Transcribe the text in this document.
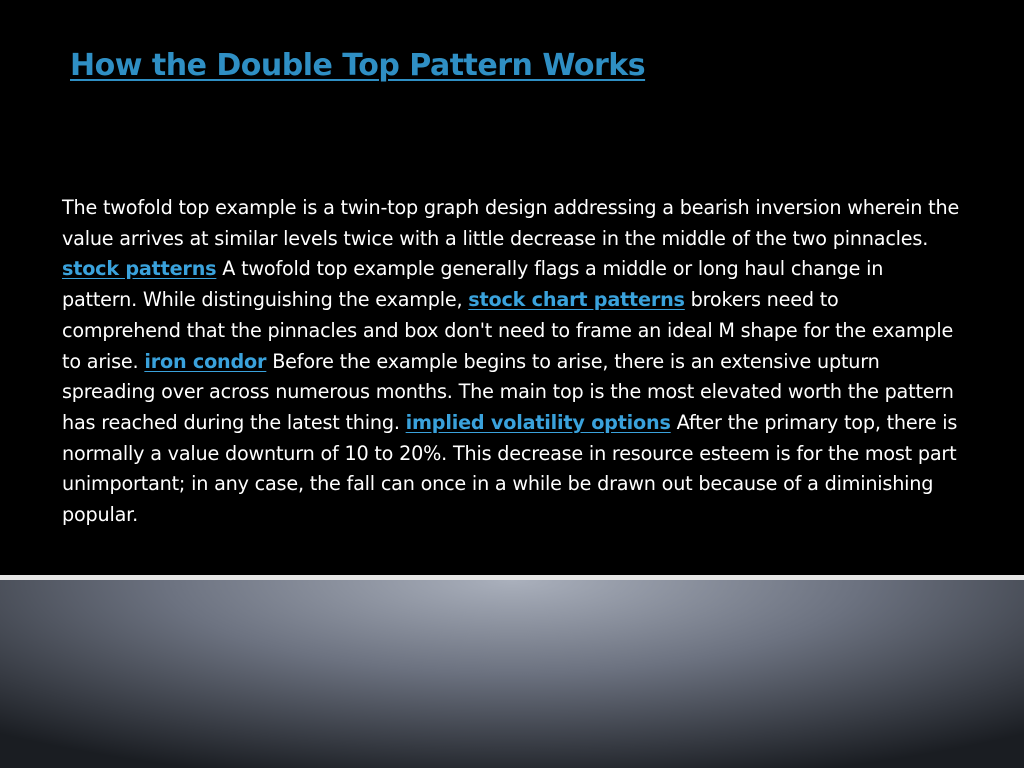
How the Double Top Pattern Works

The twofold top example is a twin-top graph design addressing a bearish inversion wherein the value arrives at similar levels twice with a little decrease in the middle of the two pinnacles. stock patterns A twofold top example generally flags a middle or long haul change in pattern. While distinguishing the example, stock chart patterns brokers need to comprehend that the pinnacles and box don't need to frame an ideal M shape for the example to arise. iron condor Before the example begins to arise, there is an extensive upturn spreading over across numerous months. The main top is the most elevated worth the pattern has reached during the latest thing. implied volatility options After the primary top, there is normally a value downturn of 10 to 20%. This decrease in resource esteem is for the most part unimportant; in any case, the fall can once in a while be drawn out because of a diminishing popular.
